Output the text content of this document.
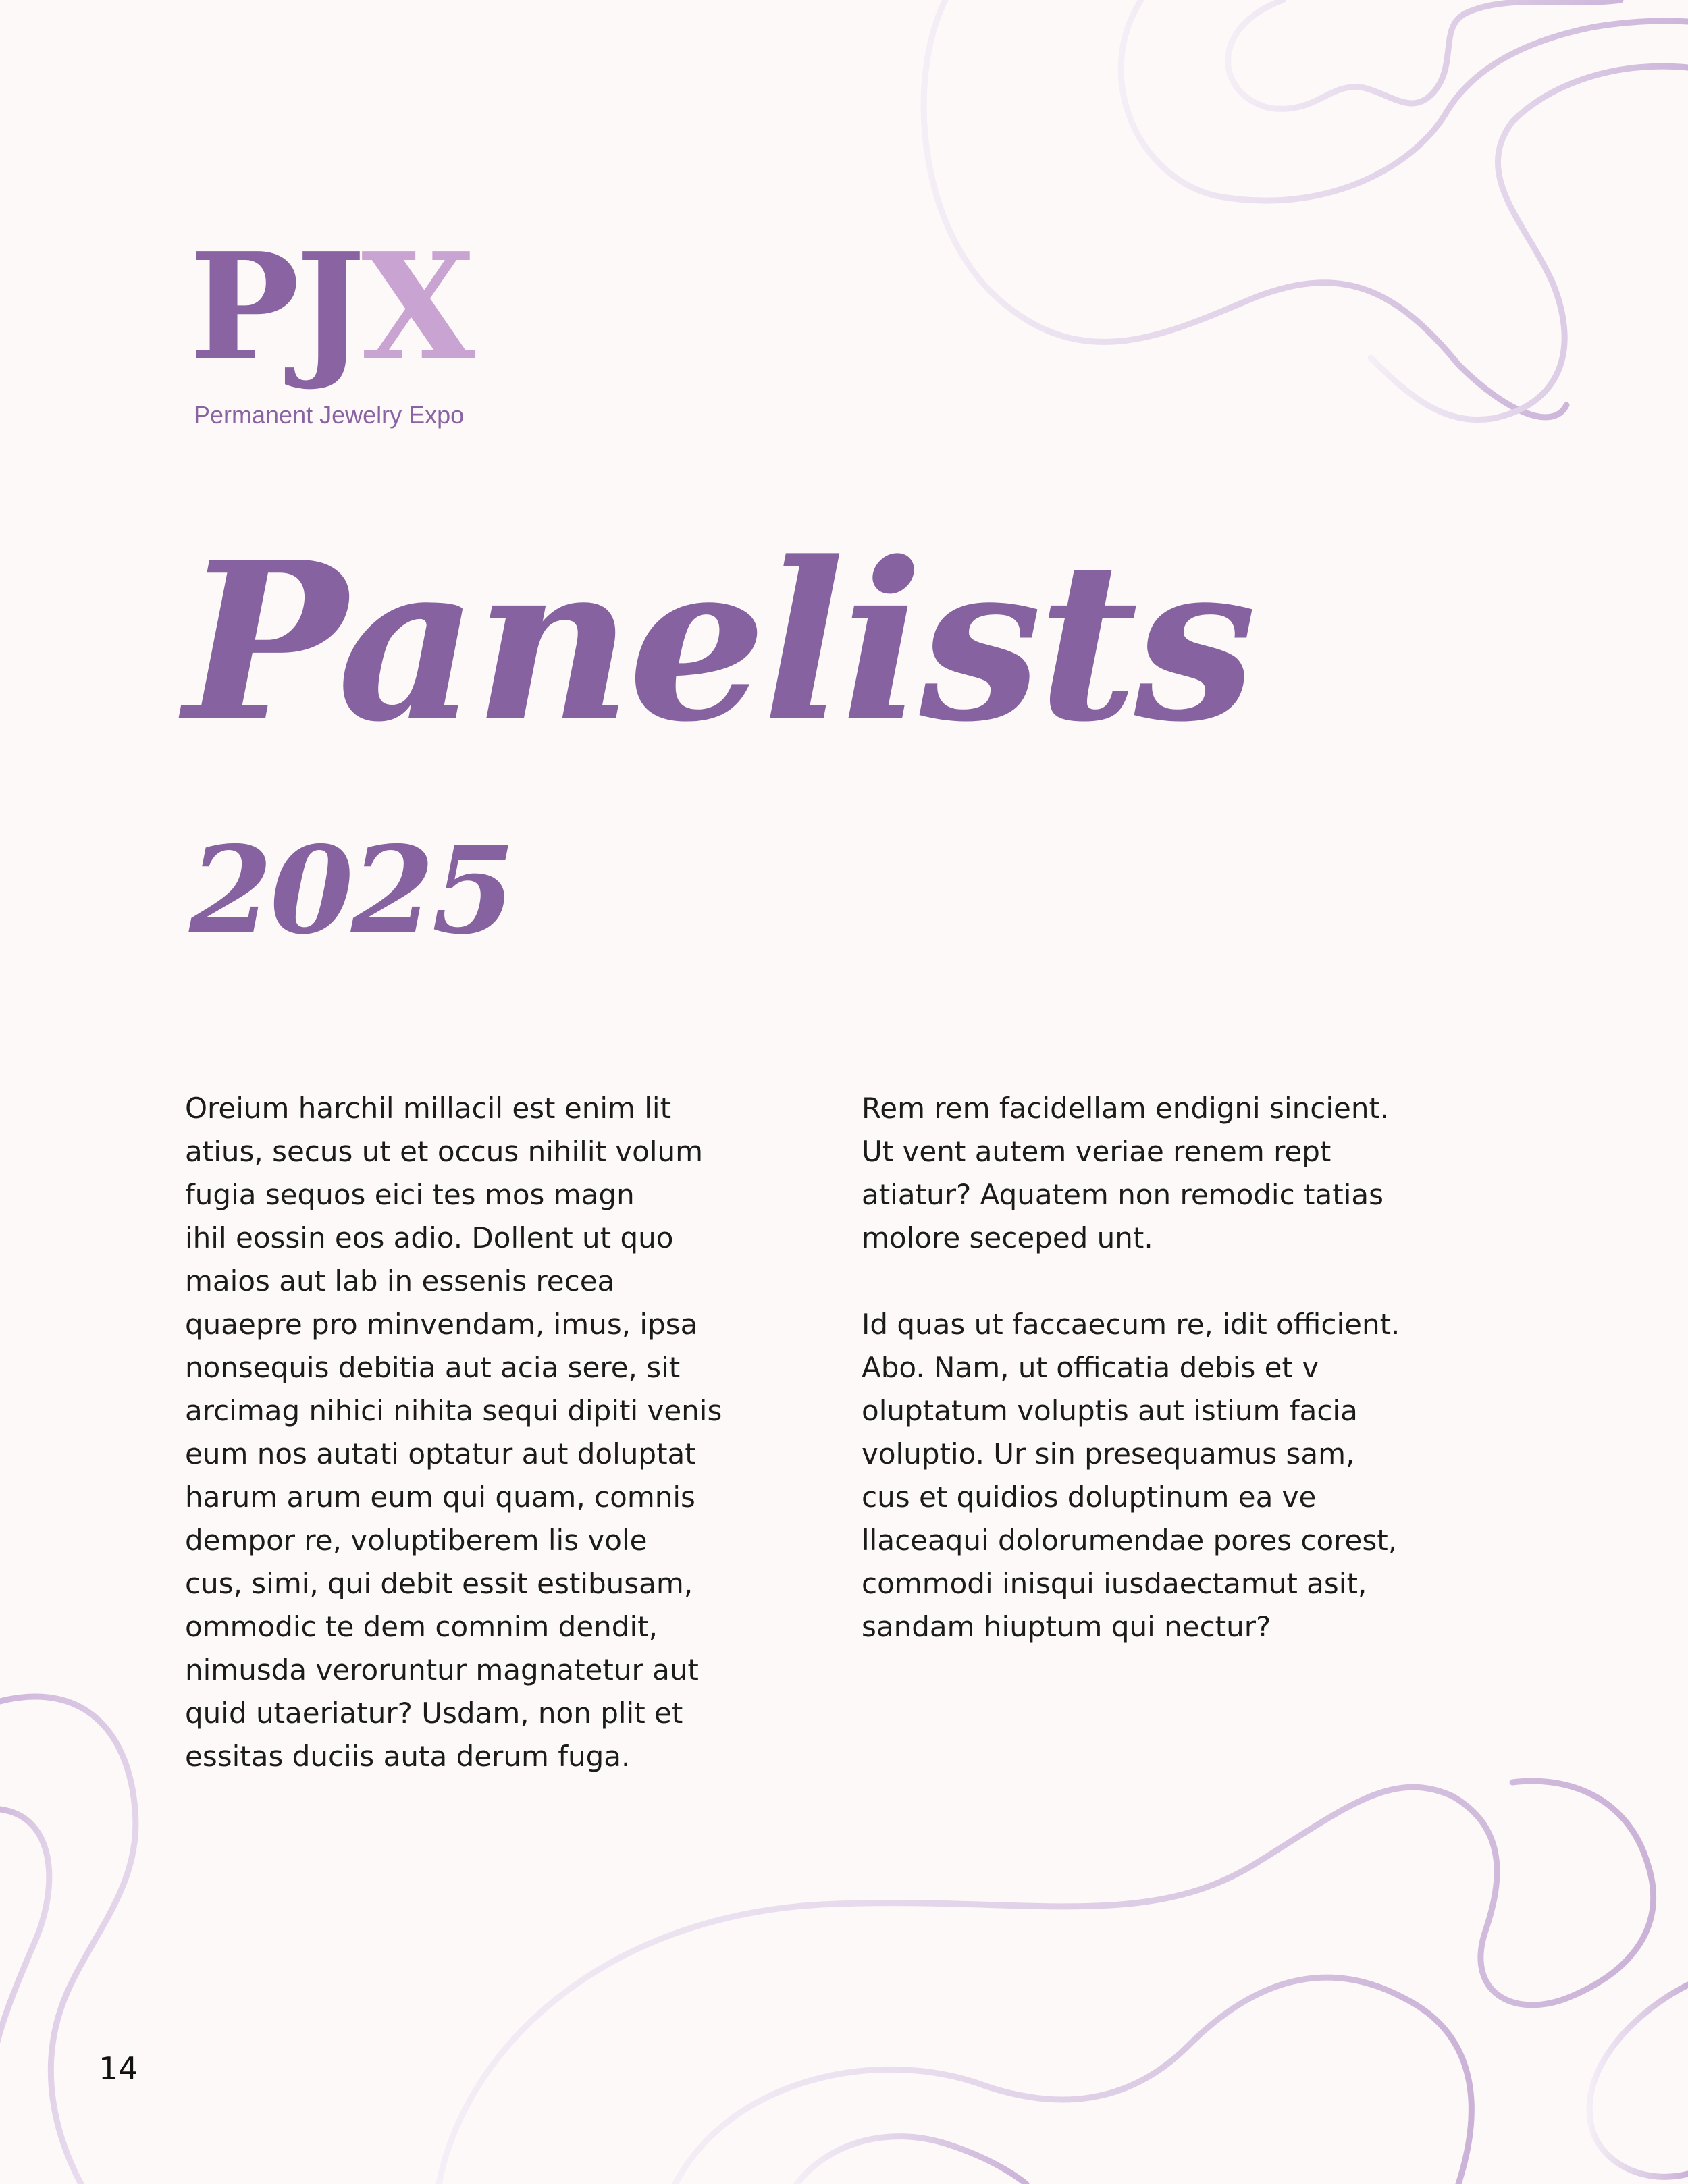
P J X
Permanent Jewelry Expo
Panelists
2025

Oreium harchil millacil est enim lit
atius, secus ut et occus nihilit volum
fugia sequos eici tes mos magn
ihil eossin eos adio. Dollent ut quo
maios aut lab in essenis recea
quaepre pro minvendam, imus, ipsa
nonsequis debitia aut acia sere, sit
arcimag nihici nihita sequi dipiti venis
eum nos autati optatur aut doluptat
harum arum eum qui quam, comnis
dempor re, voluptiberem lis vole
cus, simi, qui debit essit estibusam,
ommodic te dem comnim dendit,
nimusda veroruntur magnatetur aut
quid utaeriatur? Usdam, non plit et
essitas duciis auta derum fuga.

Rem rem facidellam endigni sincient.
Ut vent autem veriae renem rept
atiatur? Aquatem non remodic tatias
molore seceped unt.

Id quas ut faccaecum re, idit officient.
Abo. Nam, ut officatia debis et v
oluptatum voluptis aut istium facia
voluptio. Ur sin presequamus sam,
cus et quidios doluptinum ea ve
llaceaqui dolorumendae pores corest,
commodi inisqui iusdaectamut asit,
sandam hiuptum qui nectur?

14
